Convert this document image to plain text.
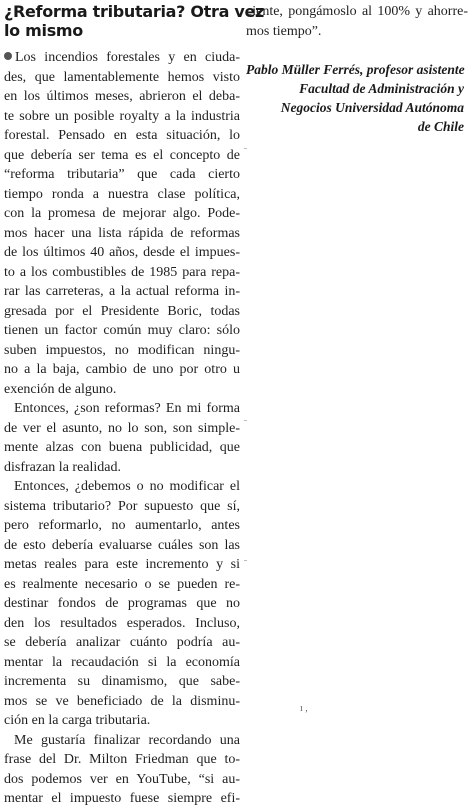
¿Reforma tributaria? Otra vez
lo mismo
Los incendios forestales y en ciuda-
des, que lamentablemente hemos visto
en los últimos meses, abrieron el deba-
te sobre un posible royalty a la industria
forestal. Pensado en esta situación, lo
que debería ser tema es el concepto de
“reforma tributaria” que cada cierto
tiempo ronda a nuestra clase política,
con la promesa de mejorar algo. Pode-
mos hacer una lista rápida de reformas
de los últimos 40 años, desde el impues-
to a los combustibles de 1985 para repa-
rar las carreteras, a la actual reforma in-
gresada por el Presidente Boric, todas
tienen un factor común muy claro: sólo
suben impuestos, no modifican ningu-
no a la baja, cambio de uno por otro u
exención de alguno.
Entonces, ¿son reformas? En mi forma
de ver el asunto, no lo son, son simple-
mente alzas con buena publicidad, que
disfrazan la realidad.
Entonces, ¿debemos o no modificar el
sistema tributario? Por supuesto que sí,
pero reformarlo, no aumentarlo, antes
de esto debería evaluarse cuáles son las
metas reales para este incremento y si
es realmente necesario o se pueden re-
destinar fondos de programas que no
den los resultados esperados. Incluso,
se debería analizar cuánto podría au-
mentar la recaudación si la economía
incrementa su dinamismo, que sabe-
mos se ve beneficiado de la disminu-
ción en la carga tributaria.
Me gustaría finalizar recordando una
frase del Dr. Milton Friedman que to-
dos podemos ver en YouTube, “si au-
mentar el impuesto fuese siempre efi-
ciente, pongámoslo al 100% y ahorre-
mos tiempo”.
Pablo Müller Ferrés, profesor asistente
Facultad de Administración y
Negocios Universidad Autónoma
de Chile
ı ,
